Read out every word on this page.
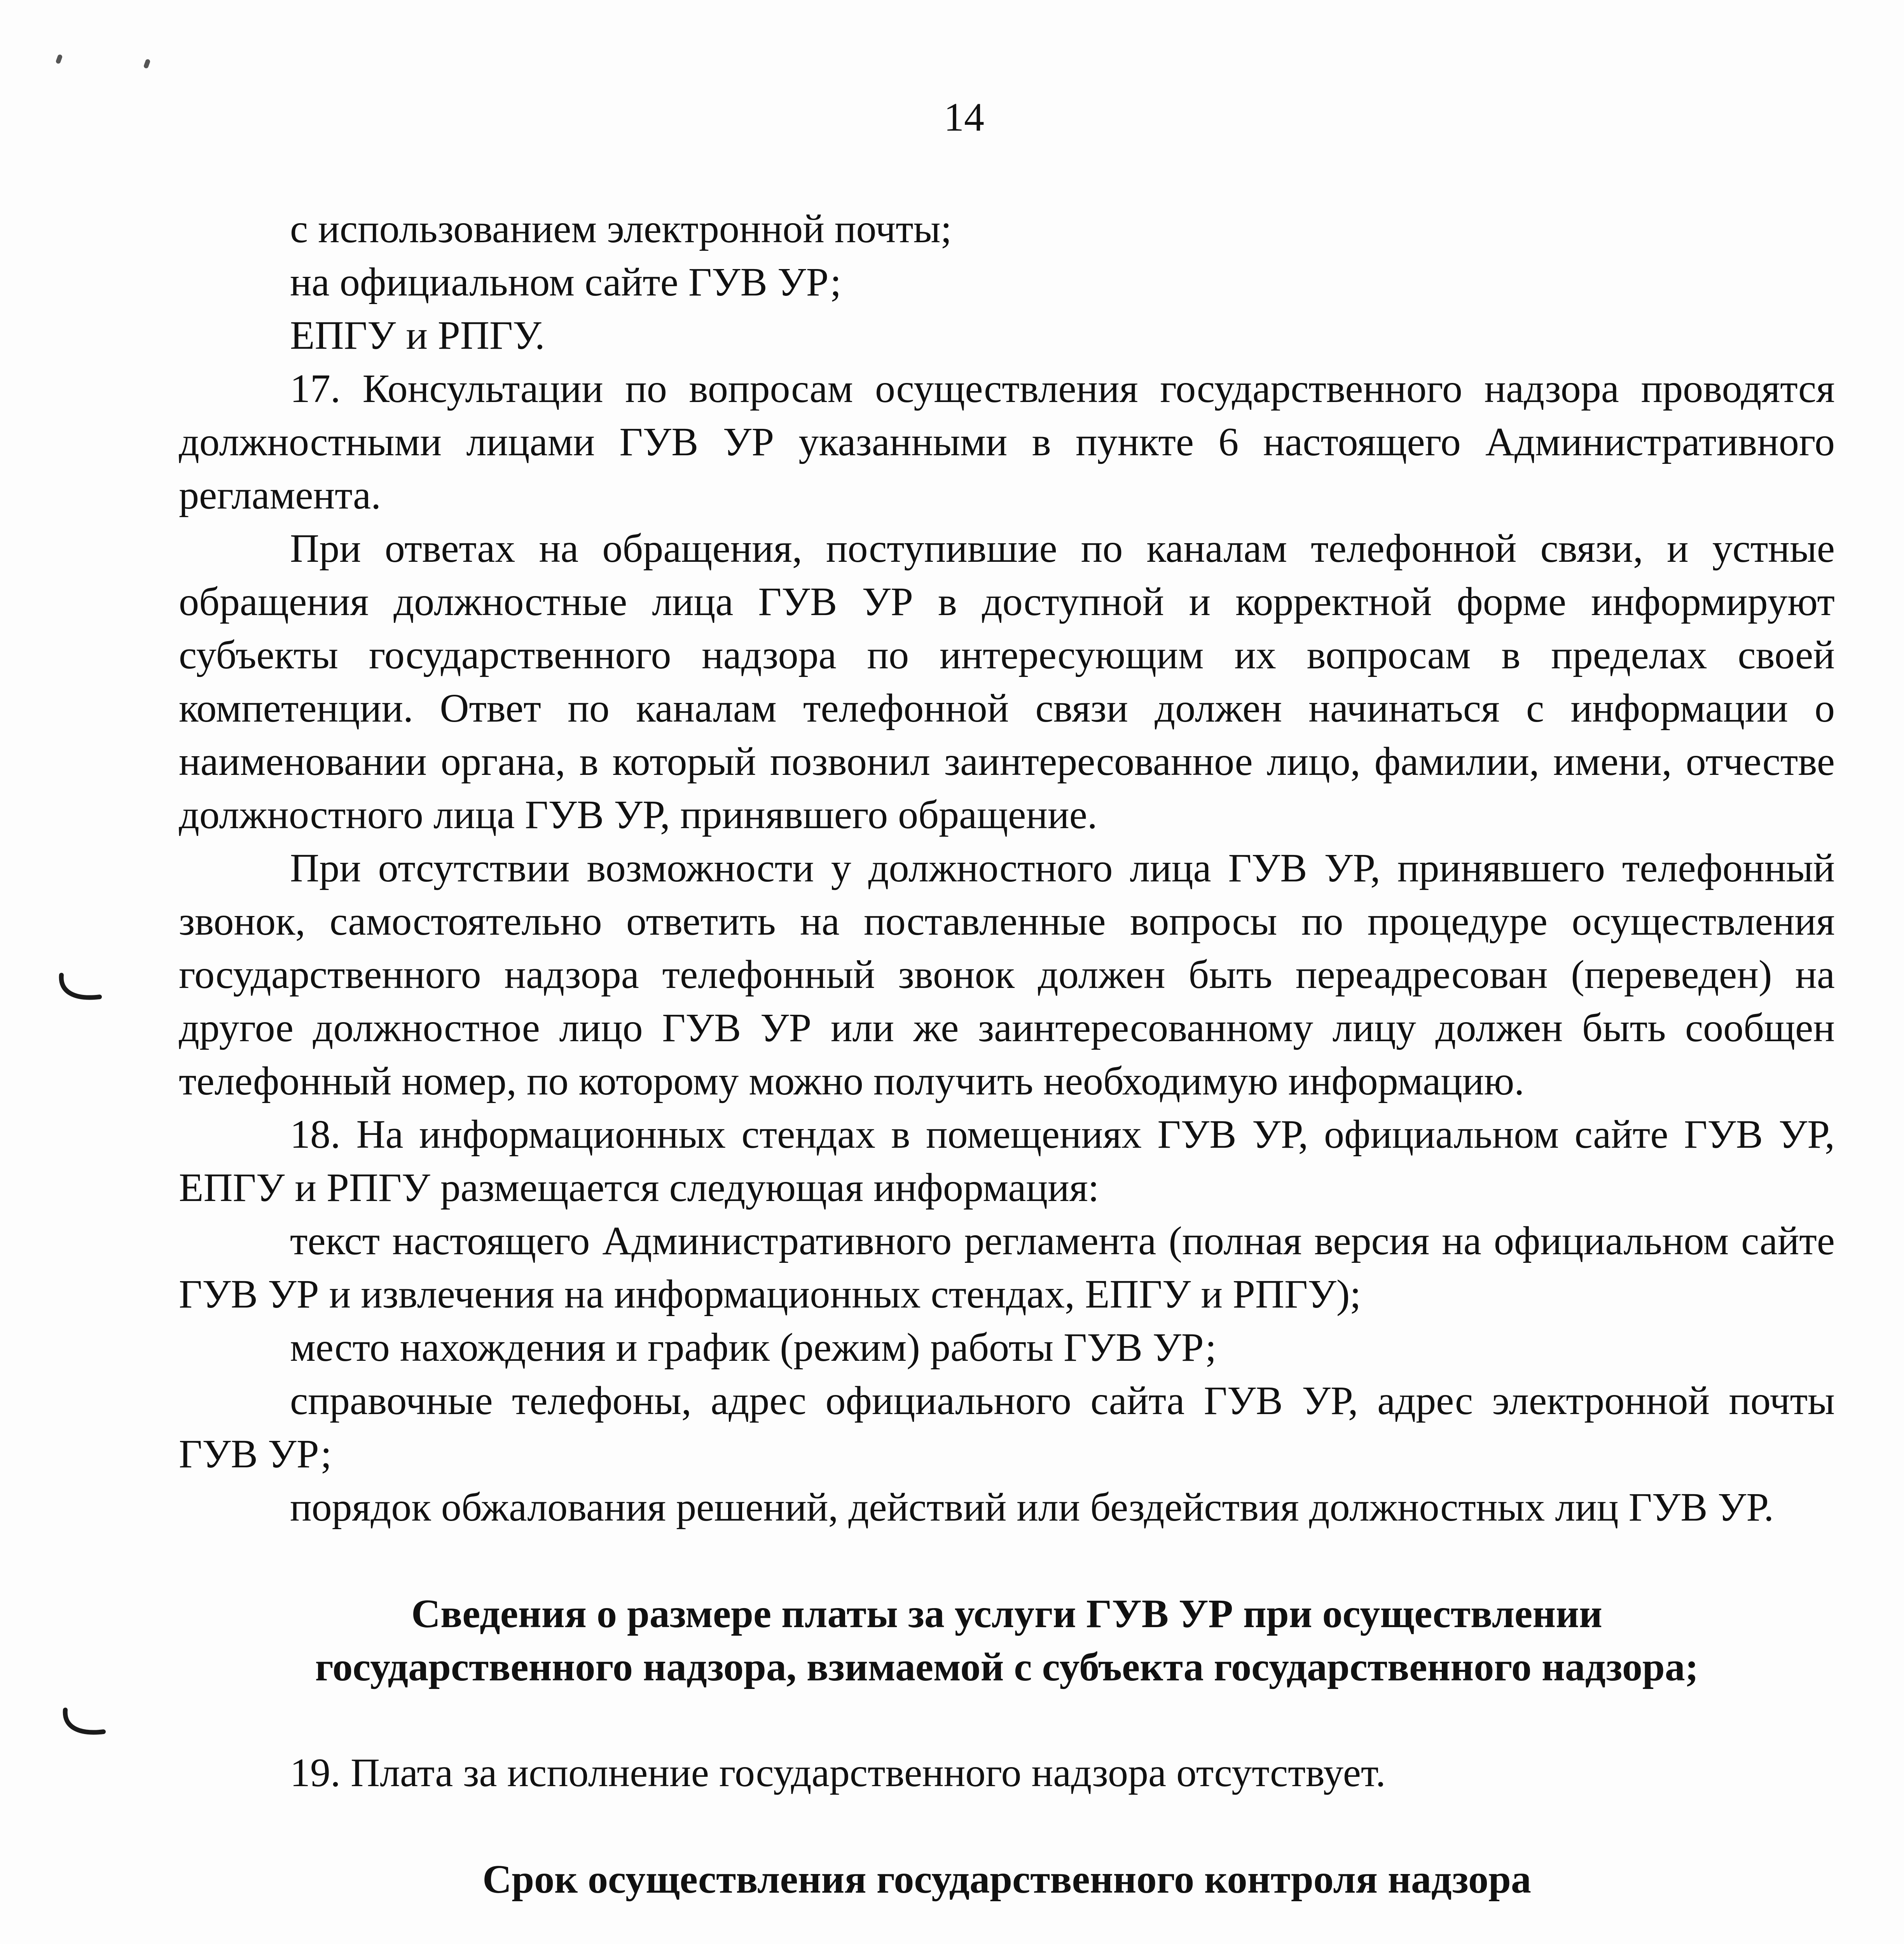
14

с использованием электронной почты;

на официальном сайте ГУВ УР;

ЕПГУ и РПГУ.

17. Консультации по вопросам осуществления государственного надзора проводятся должностными лицами ГУВ УР указанными в пункте 6 настоящего Административного регламента.

При ответах на обращения, поступившие по каналам телефонной связи, и устные обращения должностные лица ГУВ УР в доступной и корректной форме информируют субъекты государственного надзора по интересующим их вопросам в пределах своей компетенции. Ответ по каналам телефонной связи должен начинаться с информации о наименовании органа, в который позвонил заинтересованное лицо, фамилии, имени, отчестве должностного лица ГУВ УР, принявшего обращение.

При отсутствии возможности у должностного лица ГУВ УР, принявшего телефонный звонок, самостоятельно ответить на поставленные вопросы по процедуре осуществления государственного надзора телефонный звонок должен быть переадресован (переведен) на другое должностное лицо ГУВ УР или же заинтересованному лицу должен быть сообщен телефонный номер, по которому можно получить необходимую информацию.

18. На информационных стендах в помещениях ГУВ УР, официальном сайте ГУВ УР, ЕПГУ и РПГУ размещается следующая информация:

текст настоящего Административного регламента (полная версия на официальном сайте ГУВ УР и извлечения на информационных стендах, ЕПГУ и РПГУ);

место нахождения и график (режим) работы ГУВ УР;

справочные телефоны, адрес официального сайта ГУВ УР, адрес электронной почты ГУВ УР;

порядок обжалования решений, действий или бездействия должностных лиц ГУВ УР.

Сведения о размере платы за услуги ГУВ УР при осуществлении

государственного надзора, взимаемой с субъекта государственного надзора;

19. Плата за исполнение государственного надзора отсутствует.

Срок осуществления государственного контроля надзора
